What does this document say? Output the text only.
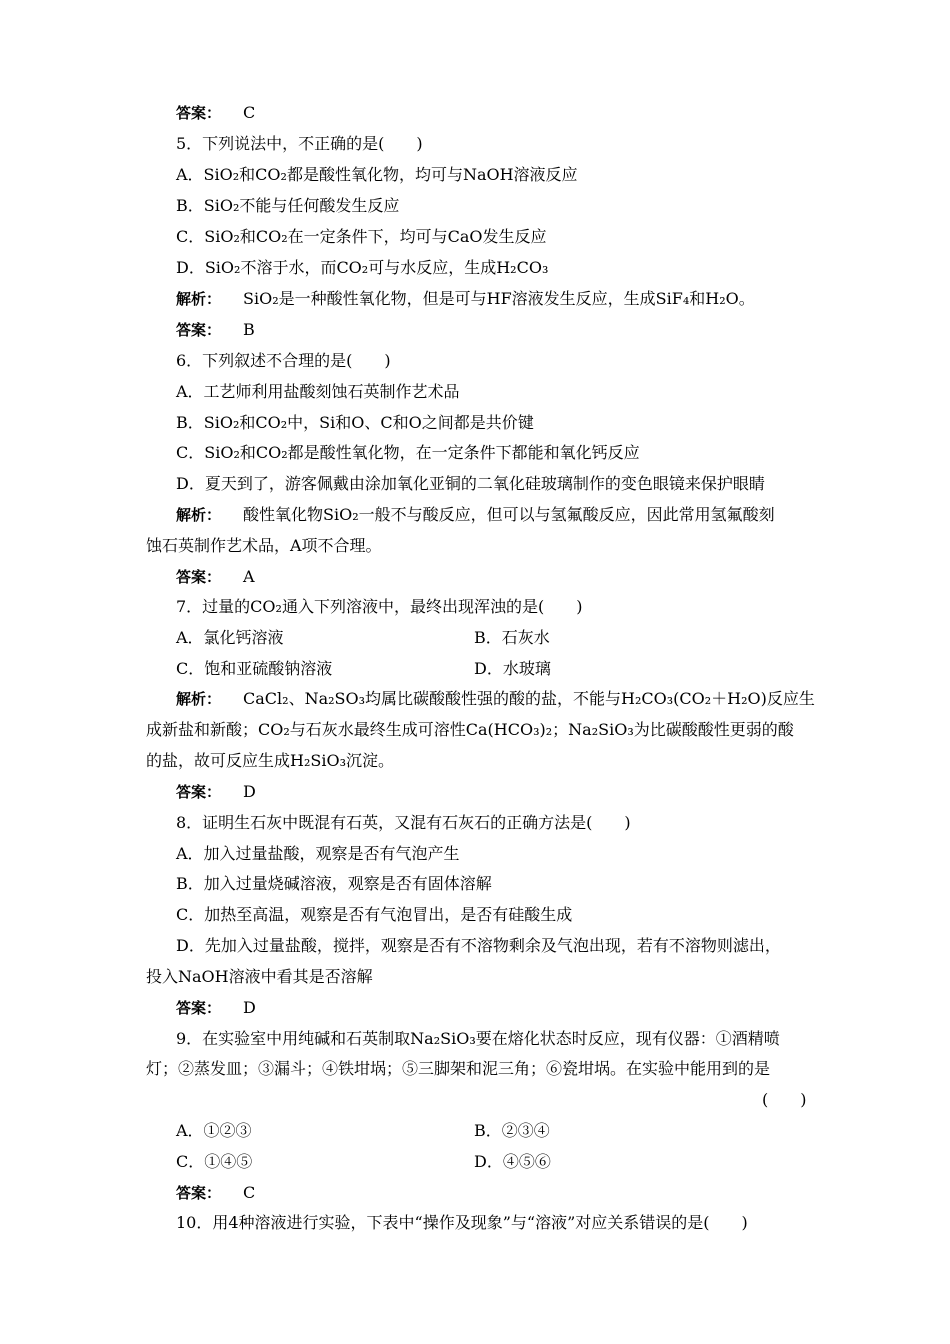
答案： C
5．下列说法中，不正确的是(　　)
A．SiO₂和CO₂都是酸性氧化物，均可与NaOH溶液反应
B．SiO₂不能与任何酸发生反应
C．SiO₂和CO₂在一定条件下，均可与CaO发生反应
D．SiO₂不溶于水，而CO₂可与水反应，生成H₂CO₃
解析： SiO₂是一种酸性氧化物，但是可与HF溶液发生反应，生成SiF₄和H₂O。
答案： B
6．下列叙述不合理的是(　　)
A．工艺师利用盐酸刻蚀石英制作艺术品
B．SiO₂和CO₂中，Si和O、C和O之间都是共价键
C．SiO₂和CO₂都是酸性氧化物，在一定条件下都能和氧化钙反应
D．夏天到了，游客佩戴由涂加氧化亚铜的二氧化硅玻璃制作的变色眼镜来保护眼睛
解析： 酸性氧化物SiO₂一般不与酸反应，但可以与氢氟酸反应，因此常用氢氟酸刻
蚀石英制作艺术品，A项不合理。
答案： A
7．过量的CO₂通入下列溶液中，最终出现浑浊的是(　　)
A．氯化钙溶液	B．石灰水
C．饱和亚硫酸钠溶液	D．水玻璃
解析： CaCl₂、Na₂SO₃均属比碳酸酸性强的酸的盐，不能与H₂CO₃(CO₂＋H₂O)反应生
成新盐和新酸；CO₂与石灰水最终生成可溶性Ca(HCO₃)₂；Na₂SiO₃为比碳酸酸性更弱的酸
的盐，故可反应生成H₂SiO₃沉淀。
答案： D
8．证明生石灰中既混有石英，又混有石灰石的正确方法是(　　)
A．加入过量盐酸，观察是否有气泡产生
B．加入过量烧碱溶液，观察是否有固体溶解
C．加热至高温，观察是否有气泡冒出，是否有硅酸生成
D．先加入过量盐酸，搅拌，观察是否有不溶物剩余及气泡出现，若有不溶物则滤出，
投入NaOH溶液中看其是否溶解
答案： D
9．在实验室中用纯碱和石英制取Na₂SiO₃要在熔化状态时反应，现有仪器：①酒精喷
灯；②蒸发皿；③漏斗；④铁坩埚；⑤三脚架和泥三角；⑥瓷坩埚。在实验中能用到的是
(　　)
A．①②③	B．②③④
C．①④⑤	D．④⑤⑥
答案： C
10．用4种溶液进行实验，下表中“操作及现象”与“溶液”对应关系错误的是(　　)
